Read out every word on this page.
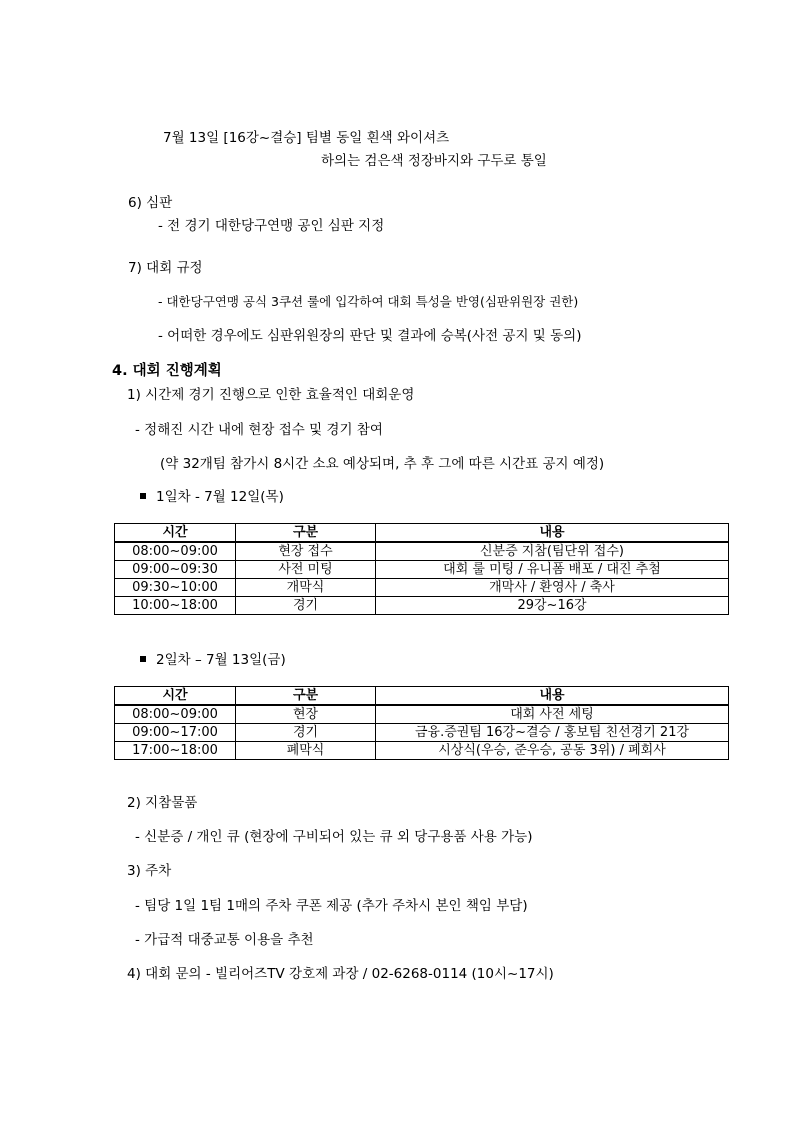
7월 13일 [16강~결승] 팀별 동일 흰색 와이셔츠
하의는 검은색 정장바지와 구두로 통일
6) 심판
- 전 경기 대한당구연맹 공인 심판 지정
7) 대회 규정
- 대한당구연맹 공식 3쿠션 룰에 입각하여 대회 특성을 반영(심판위원장 권한)
- 어떠한 경우에도 심판위원장의 판단 및 결과에 승복(사전 공지 및 동의)
4. 대회 진행계획
1) 시간제 경기 진행으로 인한 효율적인 대회운영
- 정해진 시간 내에 현장 접수 및 경기 참여
(약 32개팀 참가시 8시간 소요 예상되며, 추 후 그에 따른 시간표 공지 예정)
1일차 - 7월 12일(목)
시간	구분	내용
08:00~09:00	현장 접수	신분증 지참(팀단위 접수)
09:00~09:30	사전 미팅	대회 룰 미팅 / 유니폼 배포 / 대진 추첨
09:30~10:00	개막식	개막사 / 환영사 / 축사
10:00~18:00	경기	29강~16강
2일차 – 7월 13일(금)
시간	구분	내용
08:00~09:00	현장	대회 사전 세팅
09:00~17:00	경기	금융.증권팀 16강~결승 / 홍보팀 친선경기 21강
17:00~18:00	폐막식	시상식(우승, 준우승, 공동 3위) / 폐회사
2) 지참물품
- 신분증 / 개인 큐 (현장에 구비되어 있는 큐 외 당구용품 사용 가능)
3) 주차
- 팀당 1일 1팀 1매의 주차 쿠폰 제공 (추가 주차시 본인 책임 부담)
- 가급적 대중교통 이용을 추천
4) 대회 문의 - 빌리어즈TV 강호제 과장 / 02-6268-0114 (10시~17시)
